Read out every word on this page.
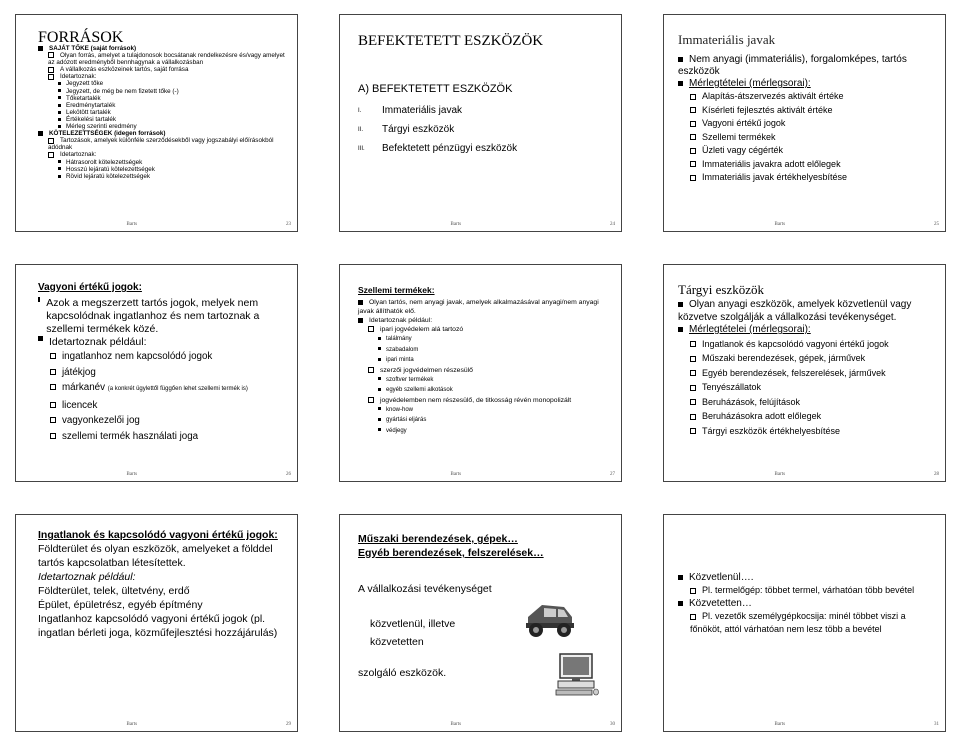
FORRÁSOK
SAJÁT TŐKE (saját források)
Olyan forrás, amelyet a tulajdonosok bocsátanak rendelkezésre és/vagy amelyet az adózott eredményből bennhagynak a vállalkozásban
A vállalkozás eszközeinek tartós, saját forrása
Idetartoznak:
Jegyzett tőke
Jegyzett, de még be nem fizetett tőke (-)
Tőketartalék
Eredménytartalék
Lekötött tartalék
Értékelési tartalék
Mérleg szerinti eredmény
KÖTELEZETTSÉGEK (idegen források)
Tartozások, amelyek különféle szerződésekből vagy jogszabályi előírásokból adódnak
Idetartoznak:
Hátrasorolt kötelezettségek
Hosszú lejáratú kötelezettségek
Rövid lejáratú kötelezettségek
Barts	23
BEFEKTETETT ESZKÖZÖK
A) BEFEKTETETT ESZKÖZÖK
I.	Immateriális javak
II.	Tárgyi eszközök
III.	Befektetett pénzügyi eszközök
Barts	24
Immateriális javak
Nem anyagi (immateriális), forgalomképes, tartós eszközök
Mérlegtételei (mérlegsorai):
Alapítás-átszervezés aktivált értéke
Kísérleti fejlesztés aktivált értéke
Vagyoni értékű jogok
Szellemi termékek
Üzleti vagy cégérték
Immateriális javakra adott előlegek
Immateriális javak értékhelyesbítése
Barts	25
Vagyoni értékű jogok:
Azok a megszerzett tartós jogok, melyek nem kapcsolódnak ingatlanhoz és nem tartoznak a szellemi termékek közé.
Idetartoznak például:
ingatlanhoz nem kapcsolódó jogok
játékjog
márkanév (a konkrét ügylettől függően lehet szellemi termék is)
licencek
vagyonkezelői jog
szellemi termék használati joga
Barts	26
Szellemi termékek:
Olyan tartós, nem anyagi javak, amelyek alkalmazásával anyagi/nem anyagi javak állíthatók elő.
Idetartoznak például:
ipari jogvédelem alá tartozó
találmány
szabadalom
ipari minta
szerzői jogvédelmen részesülő
szoftver termékek
egyéb szellemi alkotások
jogvédelemben nem részesülő, de titkosság révén monopolizált
know-how
gyártási eljárás
védjegy
Barts	27
Tárgyi eszközök
Olyan anyagi eszközök, amelyek közvetlenül vagy közvetve szolgálják a vállalkozási tevékenységet.
Mérlegtételei (mérlegsorai):
Ingatlanok és kapcsolódó vagyoni értékű jogok
Műszaki berendezések, gépek, járművek
Egyéb berendezések, felszerelések, járművek
Tenyészállatok
Beruházások, felújítások
Beruházásokra adott előlegek
Tárgyi eszközök értékhelyesbítése
Barts	28
Ingatlanok és kapcsolódó vagyoni értékű jogok:
Földterület és olyan eszközök, amelyeket a földdel tartós kapcsolatban létesítettek.
Idetartoznak például:
Földterület, telek, ültetvény, erdő
Épület, épületrész, egyéb építmény
Ingatlanhoz kapcsolódó vagyoni értékű jogok (pl. ingatlan bérleti joga, közműfejlesztési hozzájárulás)
Barts	29
Műszaki berendezések, gépek…
Egyéb berendezések, felszerelések…
A vállalkozási tevékenységet
közvetlenül, illetve
közvetetten
szolgáló eszközök.
Barts	30
Közvetlenül….
Pl. termelőgép: többet termel, várhatóan több bevétel
Közvetetten…
Pl. vezetők személygépkocsija: minél többet viszi a főnököt, attól várhatóan nem lesz több a bevétel
Barts	31
